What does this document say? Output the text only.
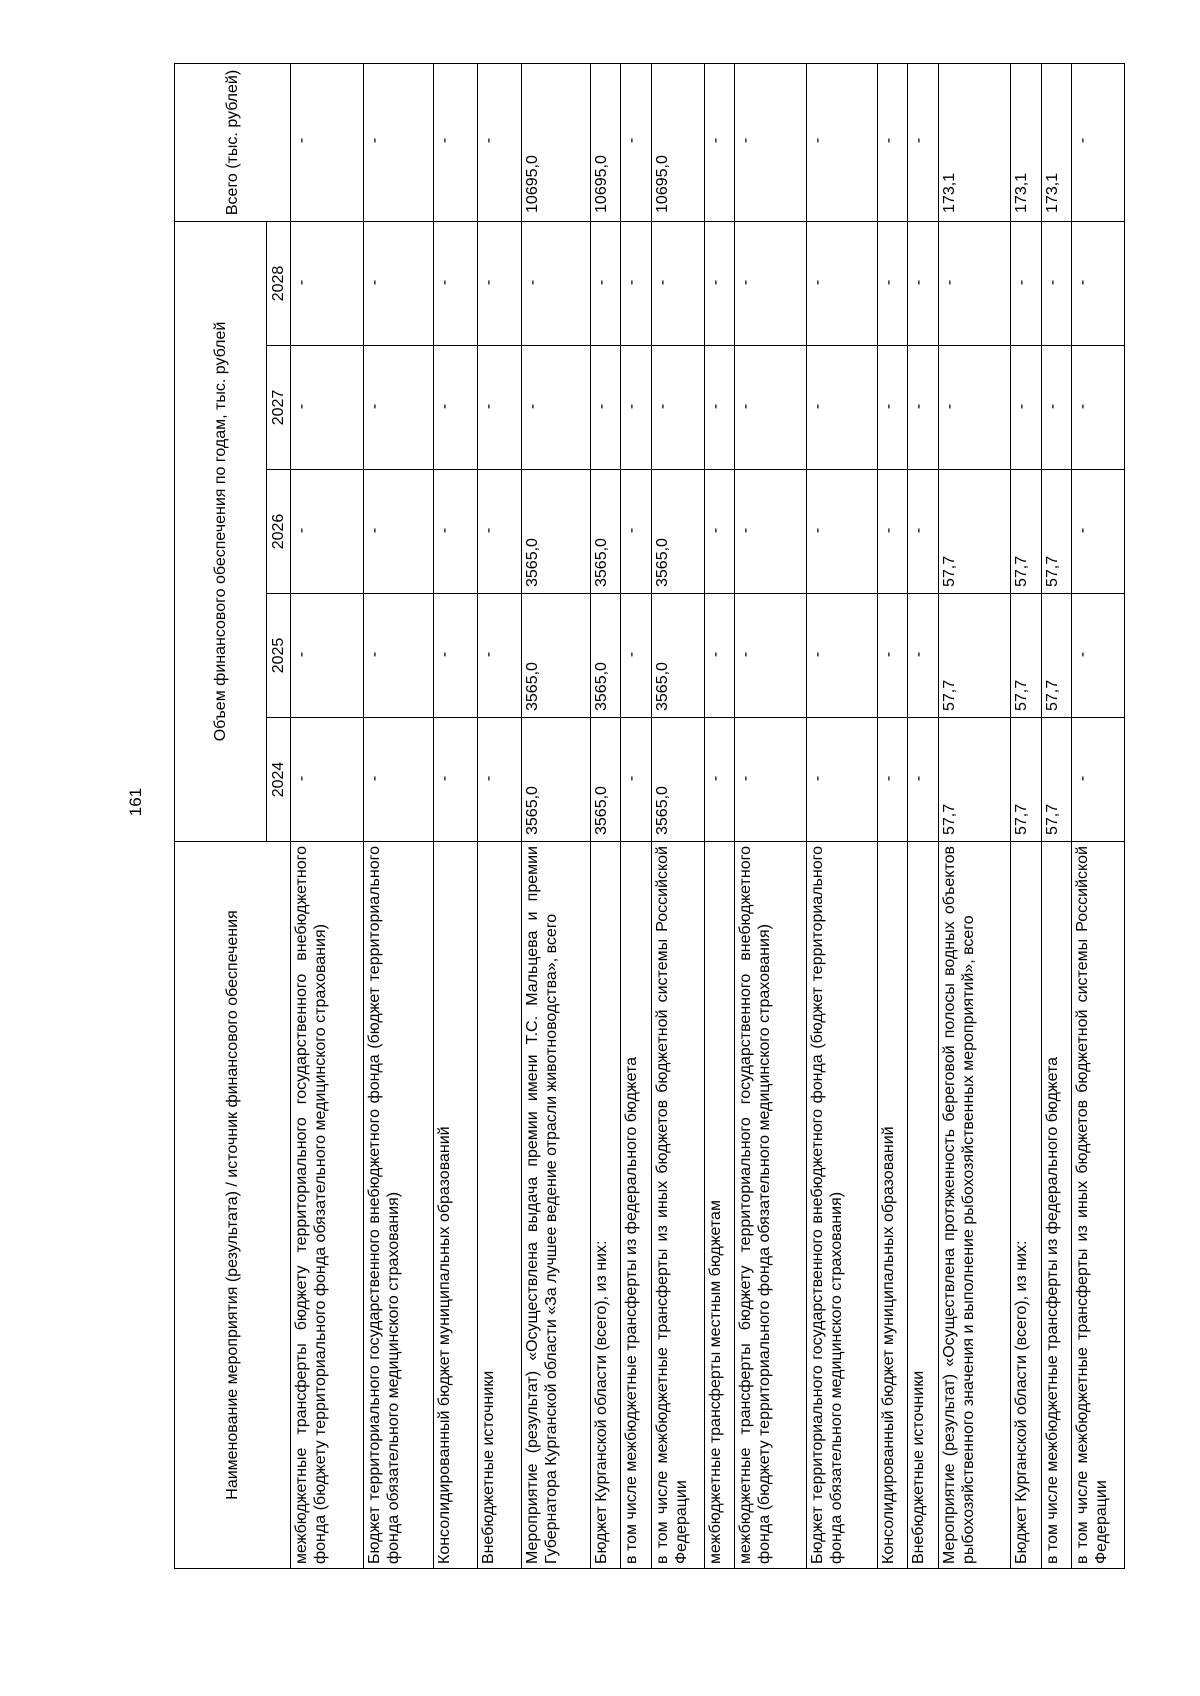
161
Наименование мероприятия (результата) / источник финансового обеспечения	Объем финансового обеспечения по годам, тыс. рублей					Всего (тыс. рублей)
	2024	2025	2026	2027	2028	
межбюджетные трансферты бюджету территориального государственного внебюджетного фонда (бюджету территориального фонда обязательного медицинского страхования)	-	-	-	-	-	-
Бюджет территориального государственного внебюджетного фонда (бюджет территориального фонда обязательного медицинского страхования)	-	-	-	-	-	-
Консолидированный бюджет муниципальных образований	-	-	-	-	-	-
Внебюджетные источники	-	-	-	-	-	-
Мероприятие (результат) «Осуществлена выдача премии имени Т.С. Мальцева и премии Губернатора Курганской области «За лучшее ведение отрасли животноводства», всего	3565,0	3565,0	3565,0	-	-	10695,0
Бюджет Курганской области (всего), из них:	3565,0	3565,0	3565,0	-	-	10695,0
в том числе межбюджетные трансферты из федерального бюджета	-	-	-	-	-	-
в том числе межбюджетные трансферты из иных бюджетов бюджетной системы Российской Федерации	3565,0	3565,0	3565,0	-	-	10695,0
межбюджетные трансферты местным бюджетам	-	-	-	-	-	-
межбюджетные трансферты бюджету территориального государственного внебюджетного фонда (бюджету территориального фонда обязательного медицинского страхования)	-	-	-	-	-	-
Бюджет территориального государственного внебюджетного фонда (бюджет территориального фонда обязательного медицинского страхования)	-	-	-	-	-	-
Консолидированный бюджет муниципальных образований	-	-	-	-	-	-
Внебюджетные источники	-	-	-	-	-	-
Мероприятие (результат) «Осуществлена протяженность береговой полосы водных объектов рыбохозяйственного значения и выполнение рыбохозяйственных мероприятий», всего	57,7	57,7	57,7	-	-	173,1
Бюджет Курганской области (всего), из них:	57,7	57,7	57,7	-	-	173,1
в том числе межбюджетные трансферты из федерального бюджета	57,7	57,7	57,7	-	-	173,1
в том числе межбюджетные трансферты из иных бюджетов бюджетной системы Российской Федерации	-	-	-	-	-	-
